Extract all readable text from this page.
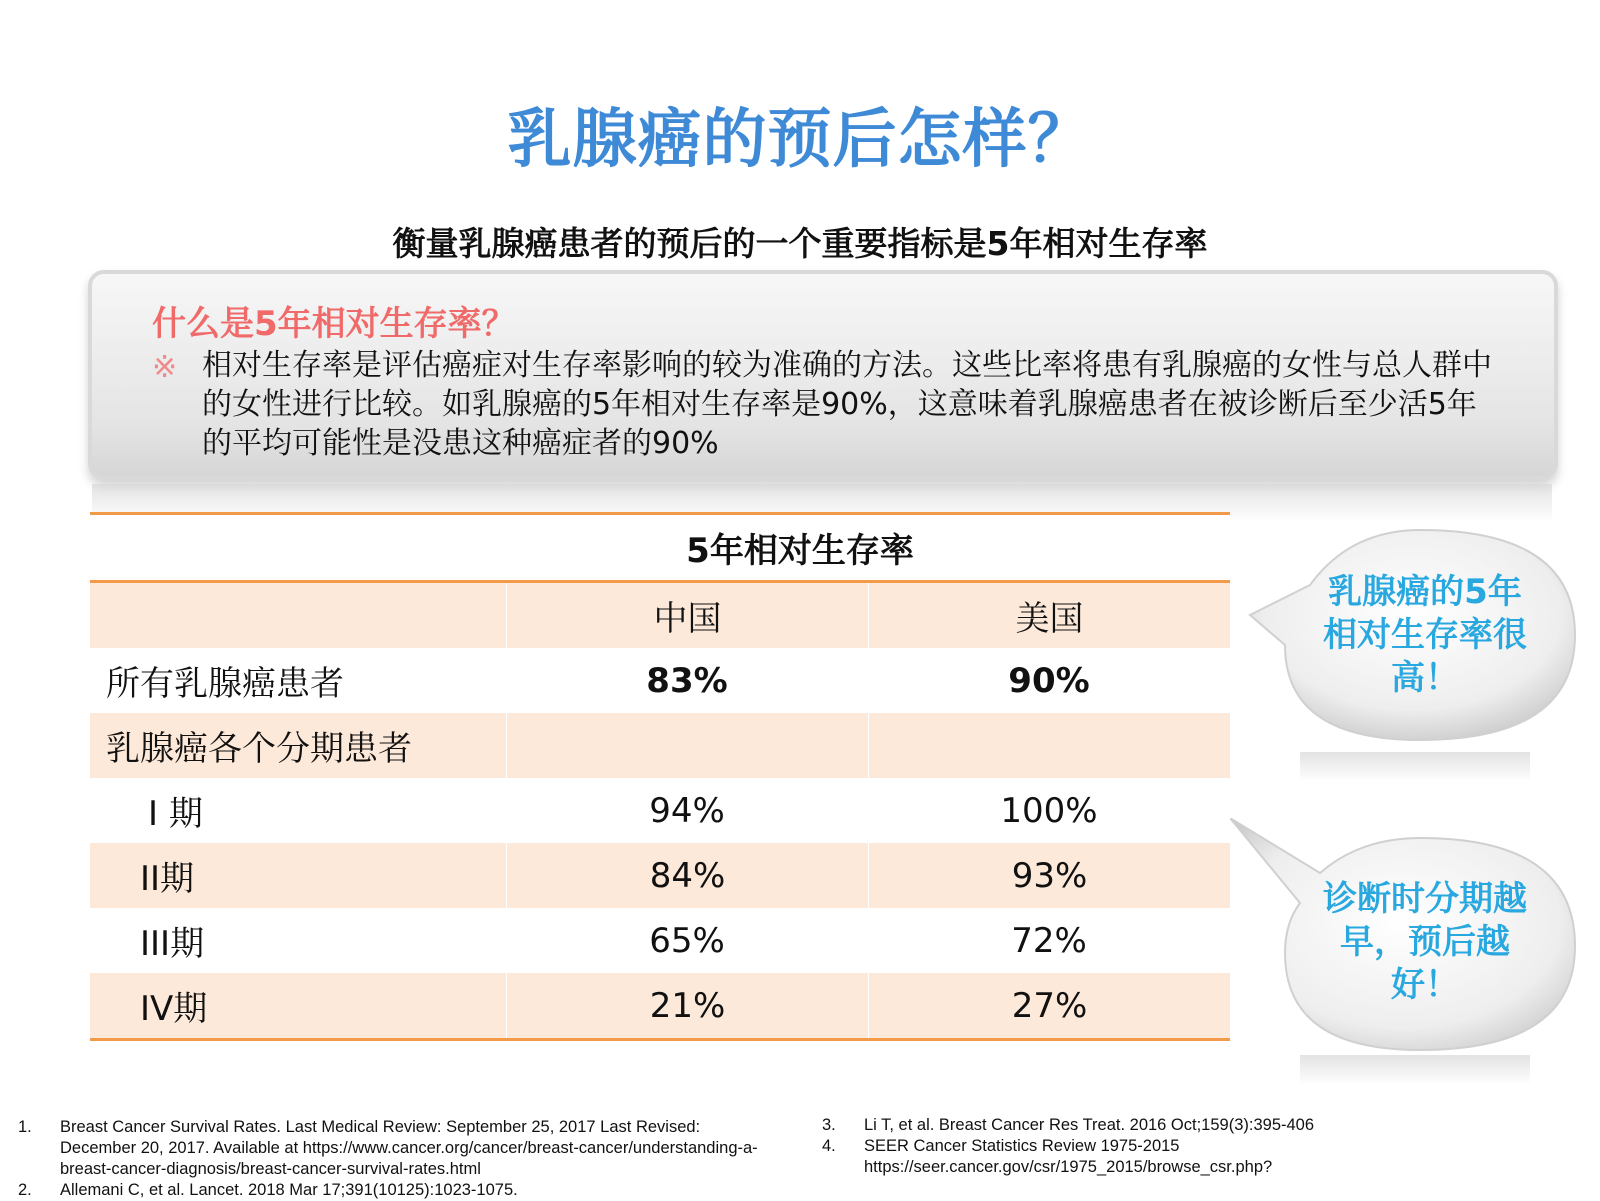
乳腺癌的预后怎样？
衡量乳腺癌患者的预后的一个重要指标是5年相对生存率
什么是5年相对生存率？
※ 相对生存率是评估癌症对生存率影响的较为准确的方法。这些比率将患有乳腺癌的女性与总人群中的女性进行比较。如乳腺癌的5年相对生存率是90%，这意味着乳腺癌患者在被诊断后至少活5年的平均可能性是没患这种癌症者的90%
5年相对生存率
中国	美国
所有乳腺癌患者	83%	90%
乳腺癌各个分期患者
I 期	94%	100%
II期	84%	93%
III期	65%	72%
IV期	21%	27%
乳腺癌的5年相对生存率很高！
诊断时分期越早，预后越好！
1.	Breast Cancer Survival Rates. Last Medical Review: September 25, 2017 Last Revised: December 20, 2017. Available at https://www.cancer.org/cancer/breast-cancer/understanding-a-breast-cancer-diagnosis/breast-cancer-survival-rates.html
2.	Allemani C, et al. Lancet. 2018 Mar 17;391(10125):1023-1075.
3.	Li T, et al. Breast Cancer Res Treat. 2016 Oct;159(3):395-406
4.	SEER Cancer Statistics Review 1975-2015 https://seer.cancer.gov/csr/1975_2015/browse_csr.php?
